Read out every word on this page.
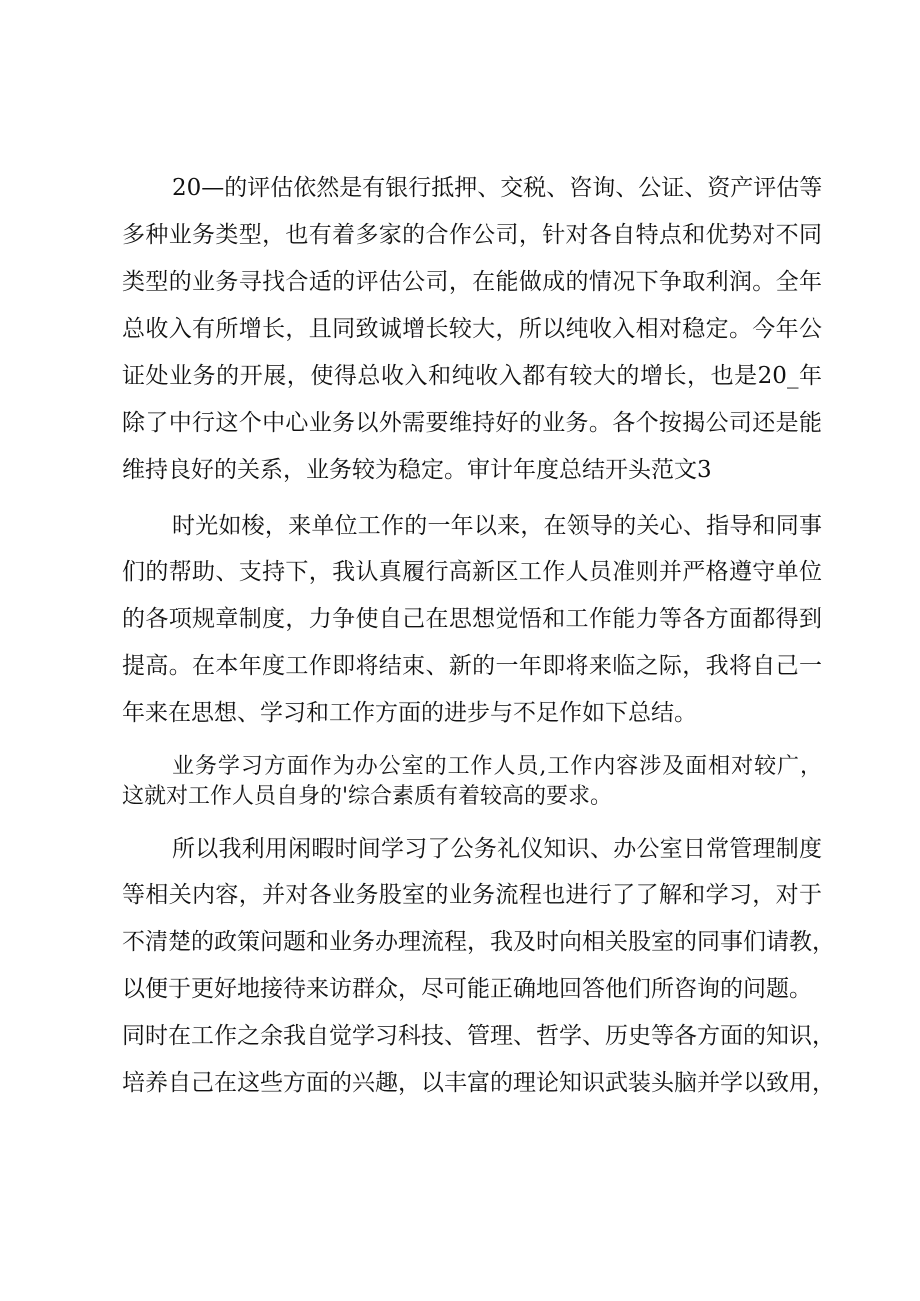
20—的评估依然是有银行抵押、交税、咨询、公证、资产评估等
多种业务类型，也有着多家的合作公司，针对各自特点和优势对不同
类型的业务寻找合适的评估公司，在能做成的情况下争取利润。全年
总收入有所增长，且同致诚增长较大，所以纯收入相对稳定。今年公
证处业务的开展，使得总收入和纯收入都有较大的增长，也是20_年
除了中行这个中心业务以外需要维持好的业务。各个按揭公司还是能
维持良好的关系，业务较为稳定。审计年度总结开头范文3
时光如梭，来单位工作的一年以来，在领导的关心、指导和同事
们的帮助、支持下，我认真履行高新区工作人员准则并严格遵守单位
的各项规章制度，力争使自己在思想觉悟和工作能力等各方面都得到
提高。在本年度工作即将结束、新的一年即将来临之际，我将自己一
年来在思想、学习和工作方面的进步与不足作如下总结。
业务学习方面作为办公室的工作人员,工作内容涉及面相对较广，
这就对工作人员自身的'综合素质有着较高的要求。
所以我利用闲暇时间学习了公务礼仪知识、办公室日常管理制度
等相关内容，并对各业务股室的业务流程也进行了了解和学习，对于
不清楚的政策问题和业务办理流程，我及时向相关股室的同事们请教，
以便于更好地接待来访群众，尽可能正确地回答他们所咨询的问题。
同时在工作之余我自觉学习科技、管理、哲学、历史等各方面的知识，
培养自己在这些方面的兴趣，以丰富的理论知识武装头脑并学以致用，
